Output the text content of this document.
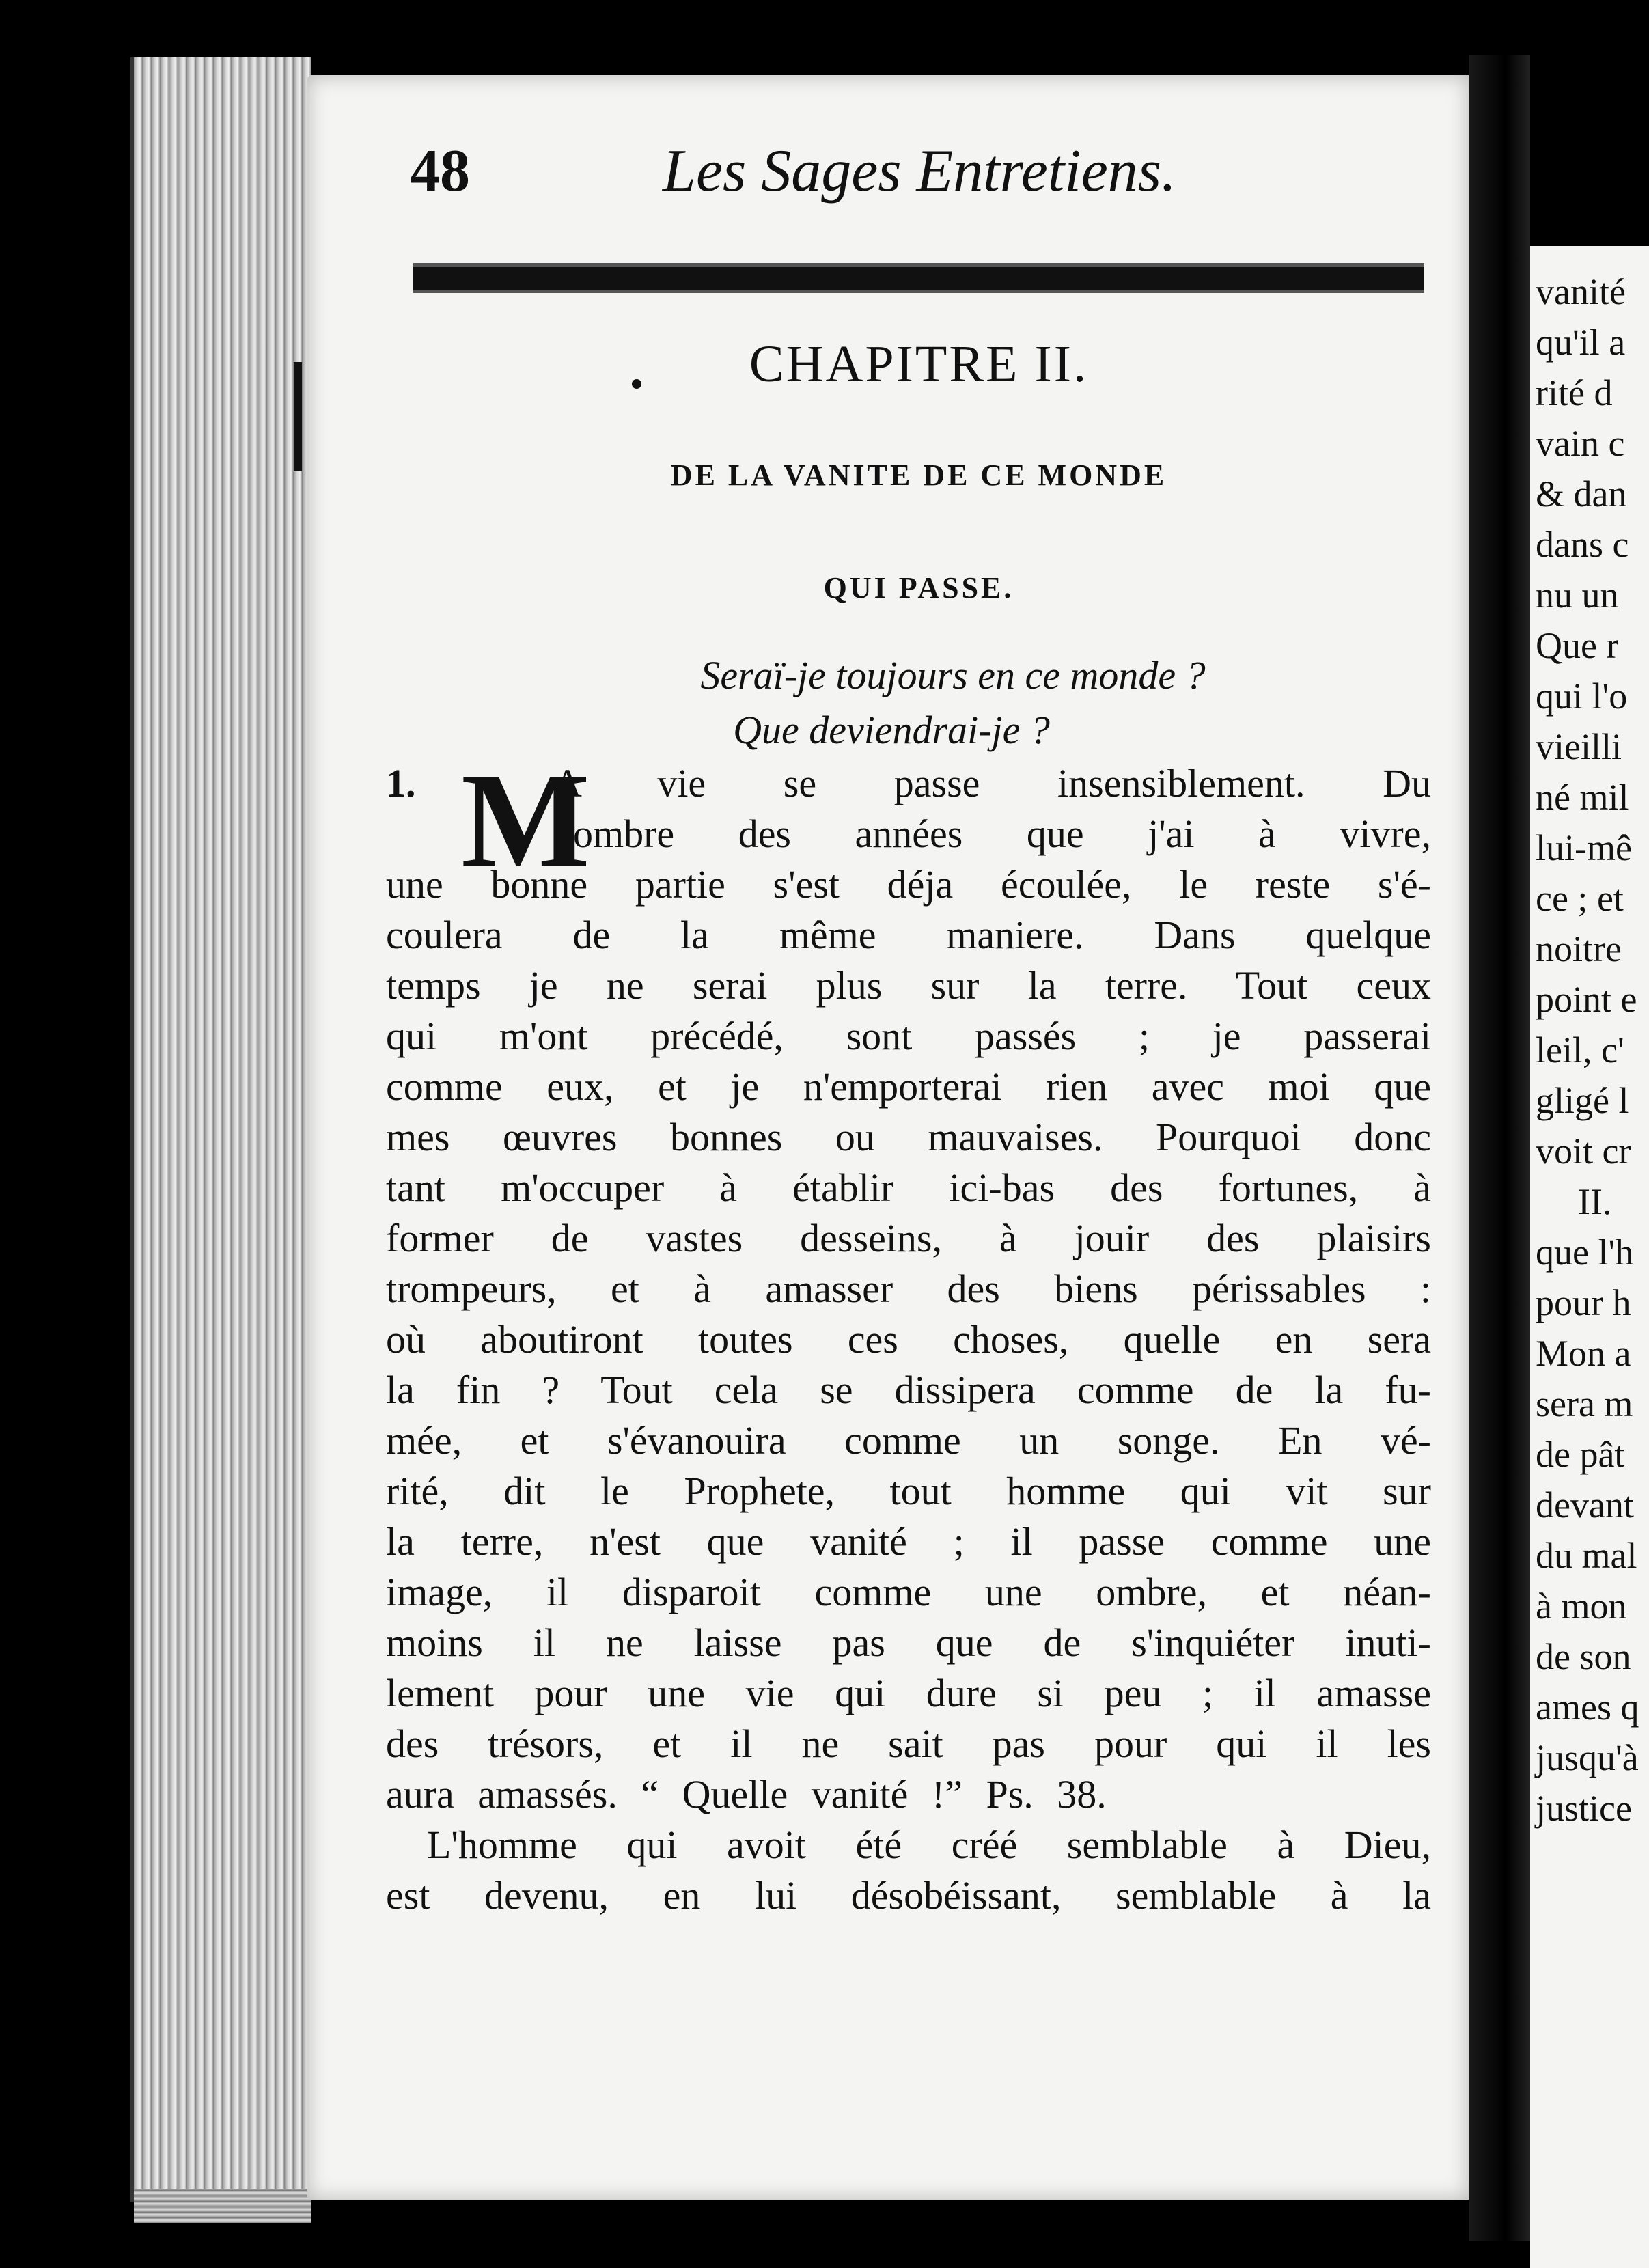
vanité
qu'il a
rité d
vain c
& dan
dans c
nu un
Que r
qui l'o
vieilli
né mil
lui-mê
ce ; et
noitre
point e
leil, c'
gligé l
voit cr
II.
que l'h
pour h
Mon a
sera m
de pât
devant
du mal
à mon
de son
ames q
jusqu'à
justice
48	Les Sages Entretiens.
CHAPITRE II.
DE LA VANITE DE CE MONDE
QUI PASSE.
Seraï-je toujours en ce monde ?
Que deviendrai-je ?
M
1.	A vie se passe insensiblement. Du
nombre des années que j'ai à vivre,
une bonne partie s'est déja écoulée, le reste s'é-
coulera de la même maniere. Dans quelque
temps je ne serai plus sur la terre. Tout ceux
qui m'ont précédé, sont passés ; je passerai
comme eux, et je n'emporterai rien avec moi que
mes œuvres bonnes ou mauvaises. Pourquoi donc
tant m'occuper à établir ici-bas des fortunes, à
former de vastes desseins, à jouir des plaisirs
trompeurs, et à amasser des biens périssables :
où aboutiront toutes ces choses, quelle en sera
la fin ? Tout cela se dissipera comme de la fu-
mée, et s'évanouira comme un songe. En vé-
rité, dit le Prophete, tout homme qui vit sur
la terre, n'est que vanité ; il passe comme une
image, il disparoit comme une ombre, et néan-
moins il ne laisse pas que de s'inquiéter inuti-
lement pour une vie qui dure si peu ; il amasse
des trésors, et il ne sait pas pour qui il les
aura amassés. “ Quelle vanité !” Ps. 38.
L'homme qui avoit été créé semblable à Dieu,
est devenu, en lui désobéissant, semblable à la
